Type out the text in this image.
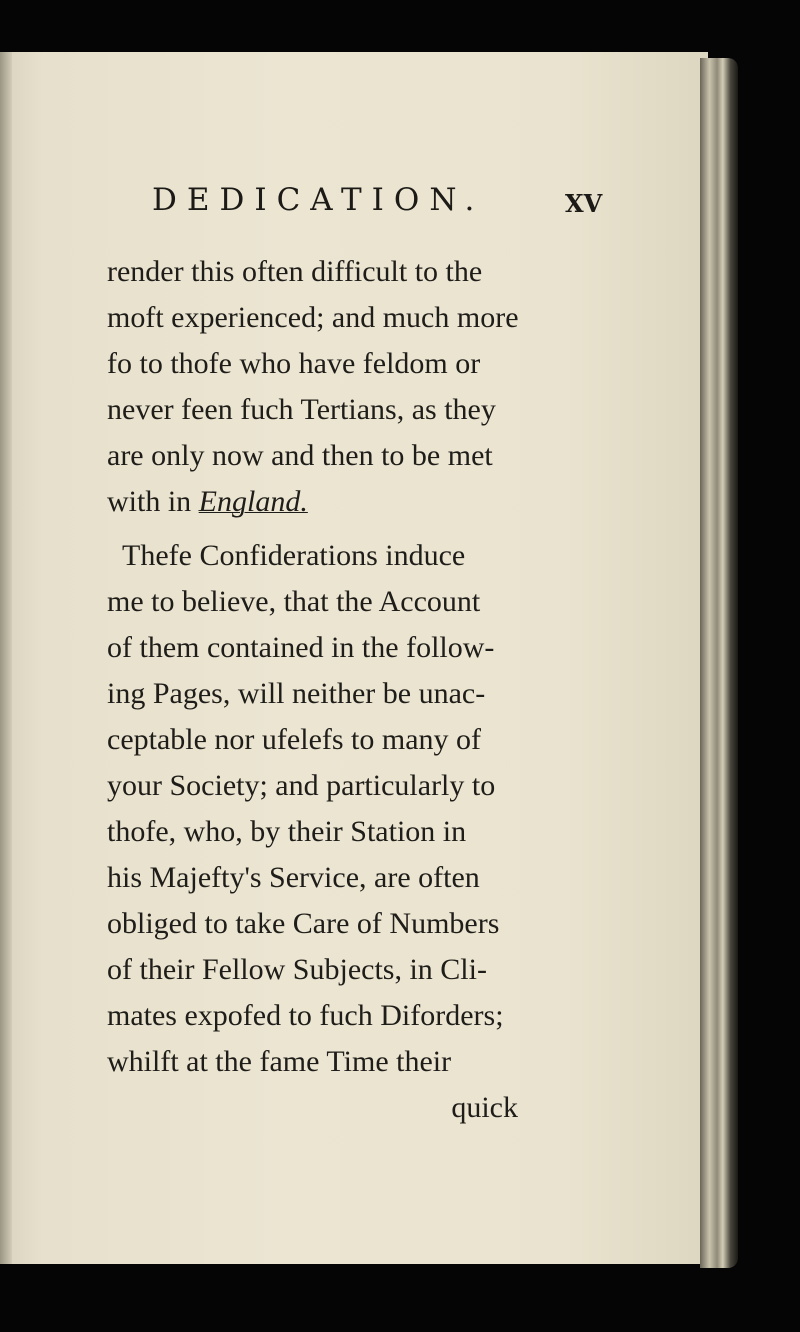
DEDICATION.	XV
render this often difficult to the
moft experienced; and much more
fo to thofe who have feldom or
never feen fuch Tertians, as they
are only now and then to be met
with in England.
Thefe Confiderations induce
me to believe, that the Account
of them contained in the follow-
ing Pages, will neither be unac-
ceptable nor ufelefs to many of
your Society; and particularly to
thofe, who, by their Station in
his Majefty's Service, are often
obliged to take Care of Numbers
of their Fellow Subjects, in Cli-
mates expofed to fuch Diforders;
whilft at the fame Time their
quick
